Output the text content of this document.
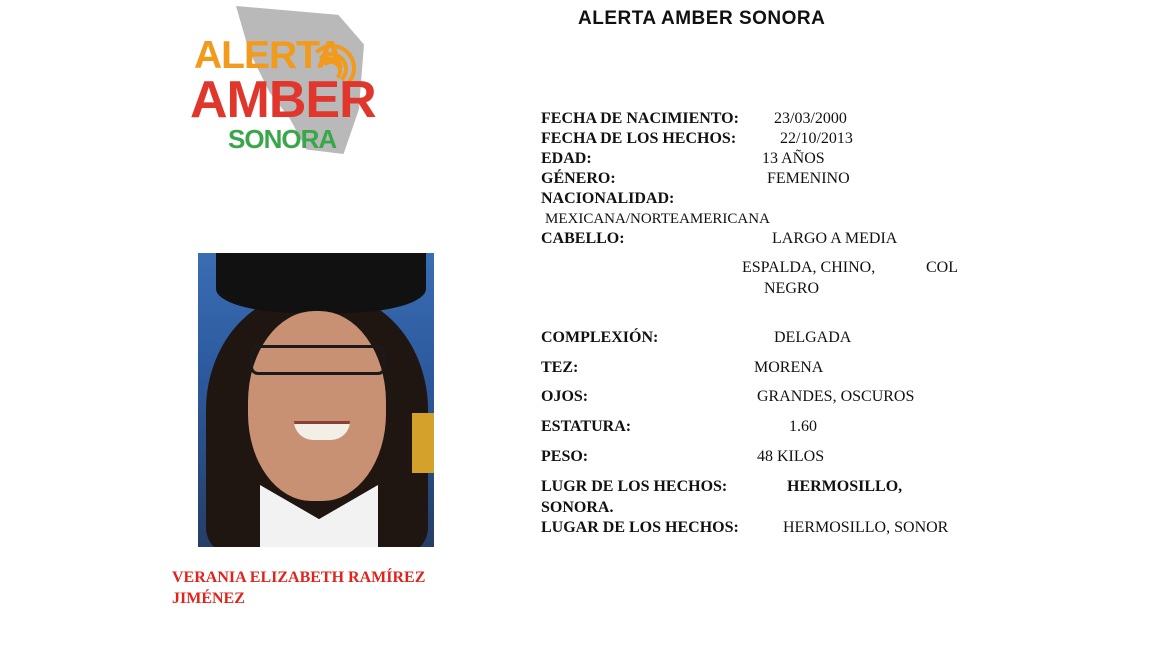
ALERTA AMBER SONORA
ALERTA
AMBER
SONORA
VERANIA ELIZABETH RAMÍREZ
JIMÉNEZ
FECHA DE NACIMIENTO: 23/03/2000
FECHA DE LOS HECHOS:	22/10/2013
EDAD:	13 AÑOS
GÉNERO:	FEMENINO
NACIONALIDAD:
MEXICANA/NORTEAMERICANA
CABELLO:	LARGO A MEDIA
ESPALDA, CHINO,	COL
NEGRO
COMPLEXIÓN:	DELGADA
TEZ:	MORENA
OJOS:	GRANDES, OSCUROS
ESTATURA:	1.60
PESO:	48 KILOS
LUGR DE LOS HECHOS:	HERMOSILLO,
SONORA.
LUGAR DE LOS HECHOS:	HERMOSILLO, SONOR
